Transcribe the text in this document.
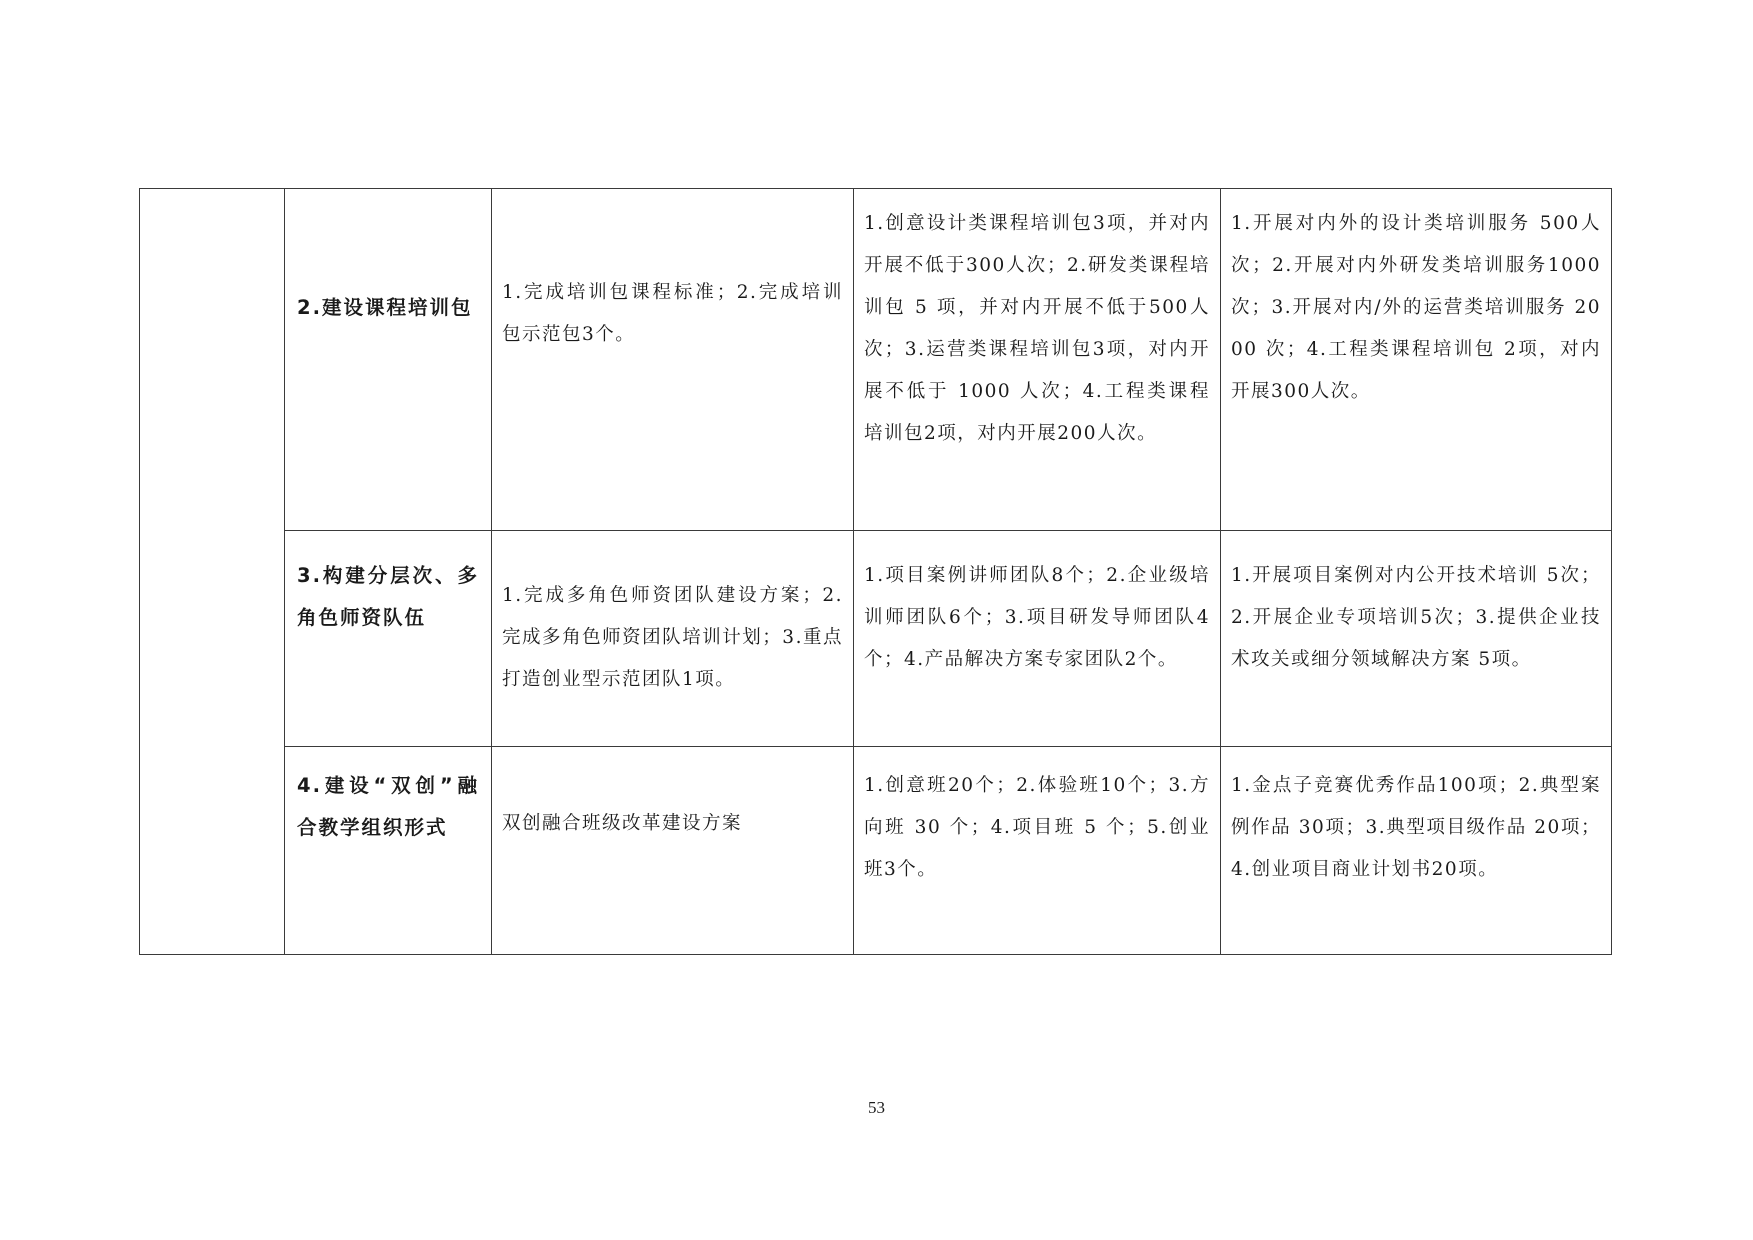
	2.建设课程培训包	1.完成培训包课程标准；2.完成培训包示范包3个。	1.创意设计类课程培训包3项，并对内开展不低于300人次；2.研发类课程培训包 5 项，并对内开展不低于500人次；3.运营类课程培训包3项，对内开展不低于 1000 人次；4.工程类课程培训包2项，对内开展200人次。	1.开展对内外的设计类培训服务 500人次；2.开展对内外研发类培训服务1000次；3.开展对内/外的运营类培训服务 2000 次；4.工程类课程培训包 2项，对内开展300人次。
	3.构建分层次、多角色师资队伍	1.完成多角色师资团队建设方案；2.完成多角色师资团队培训计划；3.重点打造创业型示范团队1项。	1.项目案例讲师团队8个；2.企业级培训师团队6个；3.项目研发导师团队4个；4.产品解决方案专家团队2个。	1.开展项目案例对内公开技术培训 5次；2.开展企业专项培训5次；3.提供企业技术攻关或细分领域解决方案 5项。
	4.建设“双创”融合教学组织形式	双创融合班级改革建设方案	1.创意班20个；2.体验班10个；3.方向班 30 个；4.项目班 5 个；5.创业班3个。	1.金点子竞赛优秀作品100项；2.典型案例作品 30项；3.典型项目级作品 20项；4.创业项目商业计划书20项。
53
